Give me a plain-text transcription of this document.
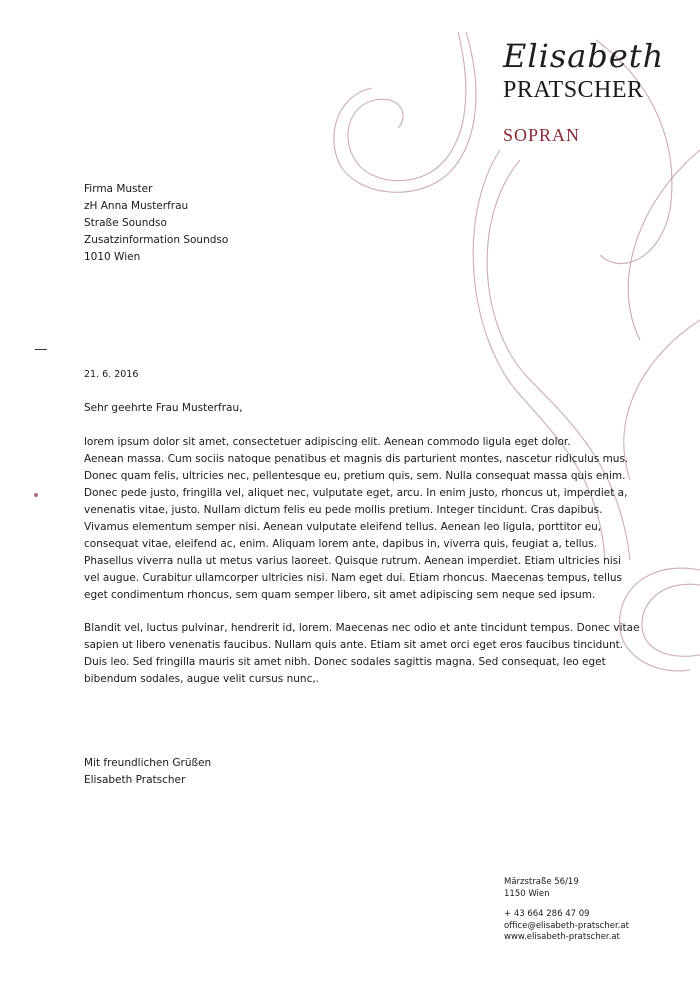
Elisabeth
PRATSCHER
SOPRAN
Firma Muster
zH Anna Musterfrau
Straße Soundso
Zusatzinformation Soundso
1010 Wien
21. 6. 2016
Sehr geehrte Frau Musterfrau,

lorem ipsum dolor sit amet, consectetuer adipiscing elit. Aenean commodo ligula eget dolor.
Aenean massa. Cum sociis natoque penatibus et magnis dis parturient montes, nascetur ridiculus mus.
Donec quam felis, ultricies nec, pellentesque eu, pretium quis, sem. Nulla consequat massa quis enim.
Donec pede justo, fringilla vel, aliquet nec, vulputate eget, arcu. In enim justo, rhoncus ut, imperdiet a,
venenatis vitae, justo. Nullam dictum felis eu pede mollis pretium. Integer tincidunt. Cras dapibus.
Vivamus elementum semper nisi. Aenean vulputate eleifend tellus. Aenean leo ligula, porttitor eu,
consequat vitae, eleifend ac, enim. Aliquam lorem ante, dapibus in, viverra quis, feugiat a, tellus.
Phasellus viverra nulla ut metus varius laoreet. Quisque rutrum. Aenean imperdiet. Etiam ultricies nisi
vel augue. Curabitur ullamcorper ultricies nisi. Nam eget dui. Etiam rhoncus. Maecenas tempus, tellus
eget condimentum rhoncus, sem quam semper libero, sit amet adipiscing sem neque sed ipsum.

Blandit vel, luctus pulvinar, hendrerit id, lorem. Maecenas nec odio et ante tincidunt tempus. Donec vitae
sapien ut libero venenatis faucibus. Nullam quis ante. Etiam sit amet orci eget eros faucibus tincidunt.
Duis leo. Sed fringilla mauris sit amet nibh. Donec sodales sagittis magna. Sed consequat, leo eget
bibendum sodales, augue velit cursus nunc,.

Mit freundlichen Grüßen
Elisabeth Pratscher
Märzstraße 56/19
1150 Wien
+ 43 664 286 47 09
office@elisabeth-pratscher.at
www.elisabeth-pratscher.at
